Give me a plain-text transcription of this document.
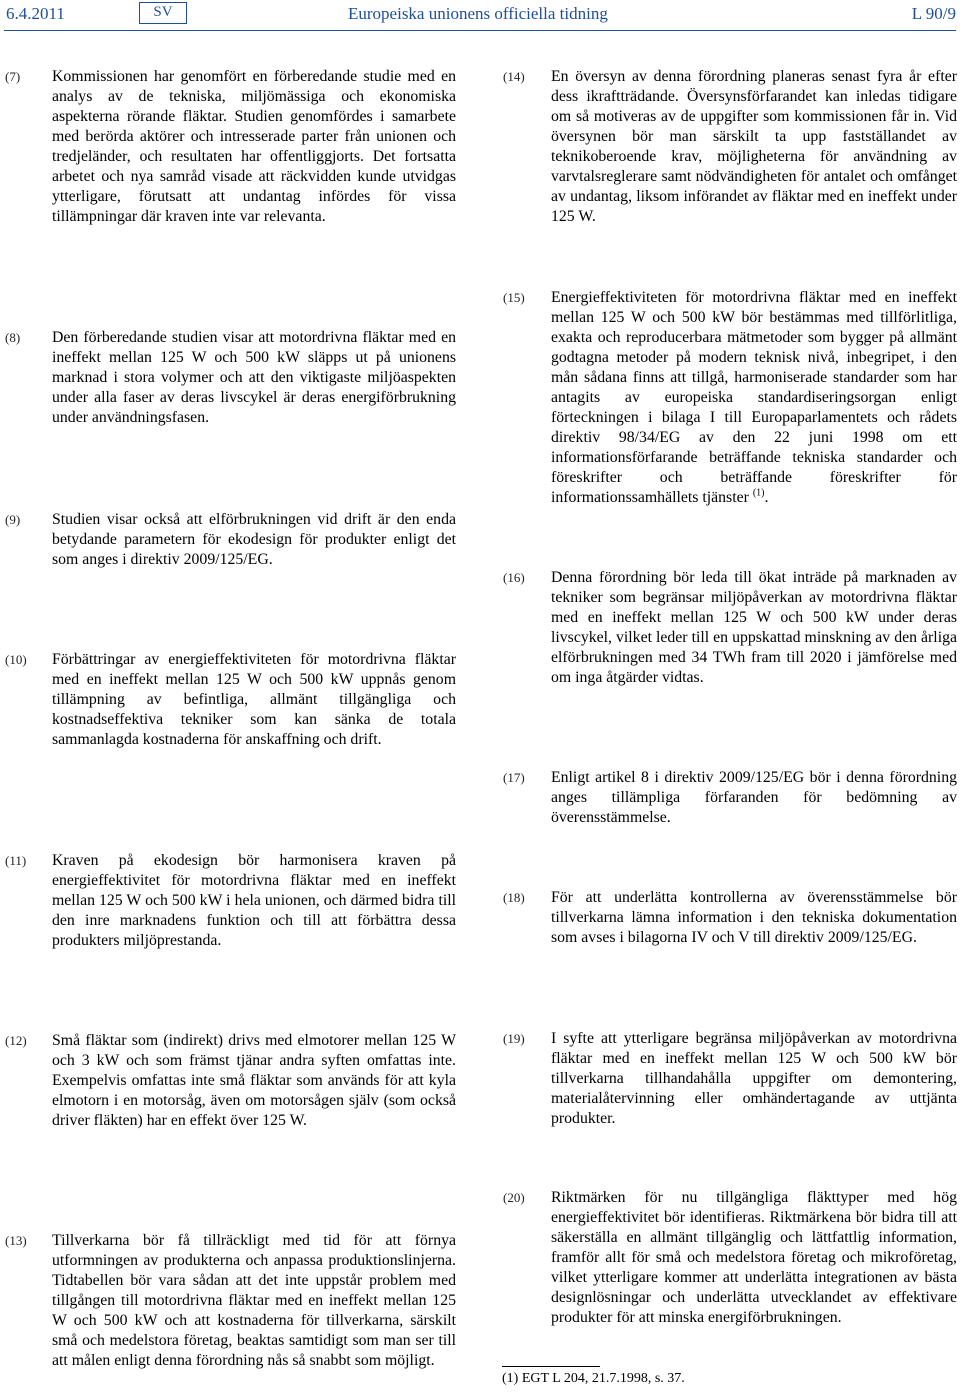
6.4.2011	SV	Europeiska unionens officiella tidning	L 90/9
(7)	Kommissionen har genomfört en förberedande studie med en analys av de tekniska, miljömässiga och ekonomiska aspekterna rörande fläktar. Studien genomfördes i samarbete med berörda aktörer och intresserade parter från unionen och tredjeländer, och resultaten har offentliggjorts. Det fortsatta arbetet och nya samråd visade att räckvidden kunde utvidgas ytterligare, förutsatt att undantag infördes för vissa tillämpningar där kraven inte var relevanta.
(8)	Den förberedande studien visar att motordrivna fläktar med en ineffekt mellan 125 W och 500 kW släpps ut på unionens marknad i stora volymer och att den viktigaste miljöaspekten under alla faser av deras livscykel är deras energiförbrukning under användningsfasen.
(9)	Studien visar också att elförbrukningen vid drift är den enda betydande parametern för ekodesign för produkter enligt det som anges i direktiv 2009/125/EG.
(10)	Förbättringar av energieffektiviteten för motordrivna fläktar med en ineffekt mellan 125 W och 500 kW uppnås genom tillämpning av befintliga, allmänt tillgängliga och kostnadseffektiva tekniker som kan sänka de totala sammanlagda kostnaderna för anskaffning och drift.
(11)	Kraven på ekodesign bör harmonisera kraven på energieffektivitet för motordrivna fläktar med en ineffekt mellan 125 W och 500 kW i hela unionen, och därmed bidra till den inre marknadens funktion och till att förbättra dessa produkters miljöprestanda.
(12)	Små fläktar som (indirekt) drivs med elmotorer mellan 125 W och 3 kW och som främst tjänar andra syften omfattas inte. Exempelvis omfattas inte små fläktar som används för att kyla elmotorn i en motorsåg, även om motorsågen själv (som också driver fläkten) har en effekt över 125 W.
(13)	Tillverkarna bör få tillräckligt med tid för att förnya utformningen av produkterna och anpassa produktionslinjerna. Tidtabellen bör vara sådan att det inte uppstår problem med tillgången till motordrivna fläktar med en ineffekt mellan 125 W och 500 kW och att kostnaderna för tillverkarna, särskilt små och medelstora företag, beaktas samtidigt som man ser till att målen enligt denna förordning nås så snabbt som möjligt.
(14)	En översyn av denna förordning planeras senast fyra år efter dess ikraftträdande. Översynsförfarandet kan inledas tidigare om så motiveras av de uppgifter som kommissionen får in. Vid översynen bör man särskilt ta upp fastställandet av teknikoberoende krav, möjligheterna för användning av varvtalsreglerare samt nödvändigheten för antalet och omfånget av undantag, liksom införandet av fläktar med en ineffekt under 125 W.
(15)	Energieffektiviteten för motordrivna fläktar med en ineffekt mellan 125 W och 500 kW bör bestämmas med tillförlitliga, exakta och reproducerbara mätmetoder som bygger på allmänt godtagna metoder på modern teknisk nivå, inbegripet, i den mån sådana finns att tillgå, harmoniserade standarder som har antagits av europeiska standardiseringsorgan enligt förteckningen i bilaga I till Europaparlamentets och rådets direktiv 98/34/EG av den 22 juni 1998 om ett informationsförfarande beträffande tekniska standarder och föreskrifter och beträffande föreskrifter för informationssamhällets tjänster $^{(1)}$.
(16)	Denna förordning bör leda till ökat inträde på marknaden av tekniker som begränsar miljöpåverkan av motordrivna fläktar med en ineffekt mellan 125 W och 500 kW under deras livscykel, vilket leder till en uppskattad minskning av den årliga elförbrukningen med 34 TWh fram till 2020 i jämförelse med om inga åtgärder vidtas.
(17)	Enligt artikel 8 i direktiv 2009/125/EG bör i denna förordning anges tillämpliga förfaranden för bedömning av överensstämmelse.
(18)	För att underlätta kontrollerna av överensstämmelse bör tillverkarna lämna information i den tekniska dokumentation som avses i bilagorna IV och V till direktiv 2009/125/EG.
(19)	I syfte att ytterligare begränsa miljöpåverkan av motordrivna fläktar med en ineffekt mellan 125 W och 500 kW bör tillverkarna tillhandahålla uppgifter om demontering, materialåtervinning eller omhändertagande av uttjänta produkter.
(20)	Riktmärken för nu tillgängliga fläkttyper med hög energieffektivitet bör identifieras. Riktmärkena bör bidra till att säkerställa en allmänt tillgänglig och lättfattlig information, framför allt för små och medelstora företag och mikroföretag, vilket ytterligare kommer att underlätta integrationen av bästa designlösningar och underlätta utvecklandet av effektivare produkter för att minska energiförbrukningen.
(1) EGT L 204, 21.7.1998, s. 37.
